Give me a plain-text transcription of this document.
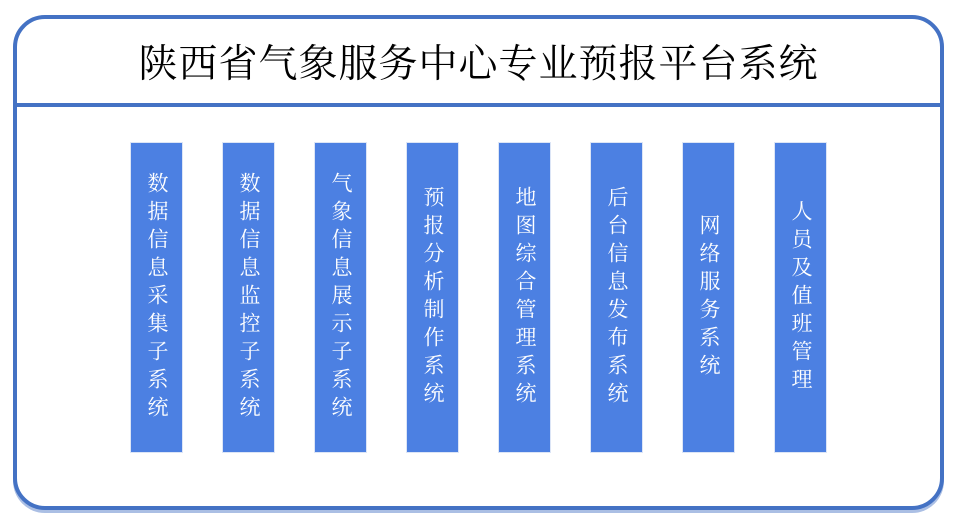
陕西省气象服务中心专业预报平台系统
数据信息采集子系统	数据信息监控子系统	气象信息展示子系统	预报分析制作系统	地图综合管理系统	后台信息发布系统	网络服务系统	人员及值班管理
